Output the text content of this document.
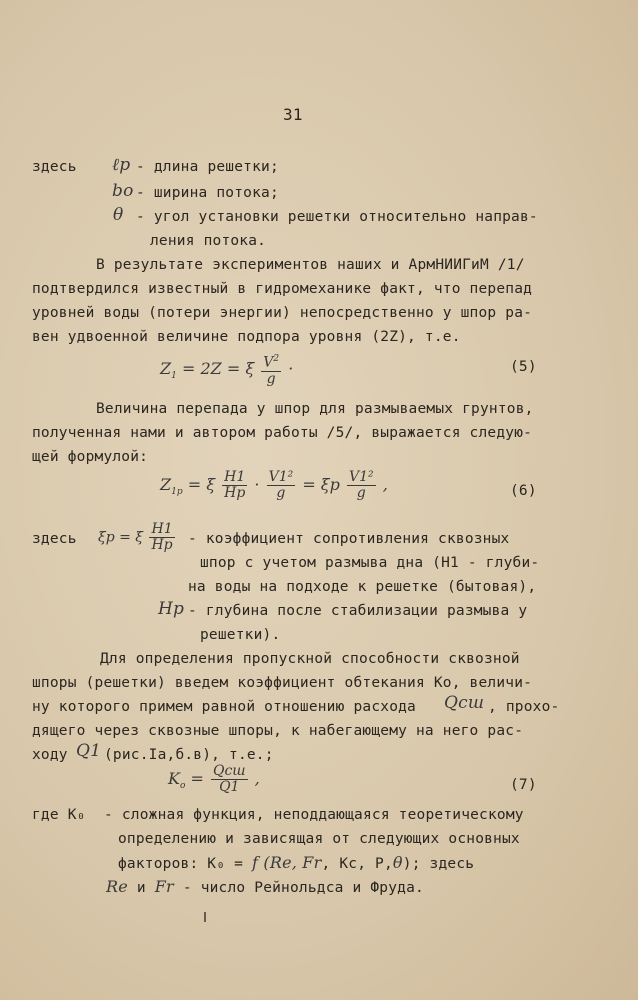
31
здесь ℓp - длина решетки;
bo - ширина потока;
θ - угол установки решетки относительно направ-
ления потока.
В результате экспериментов наших и АрмНИИГиМ /1/
подтвердился известный в гидромеханике факт, что перепад
уровней воды (потери энергии) непосредственно у шпор ра-
вен удвоенной величине подпора уровня (2Z), т.е.
$Z_1 = 2Z = \xi \frac{V^2}{g}$ ·	(5)
Величина перепада у шпор для размываемых грунтов,
полученная нами и автором работы /5/, выражается следую-
щей формулой:
$Z_{1p} = \xi \frac{H1}{Hp} \cdot \frac{\text{V1²}}{g} = \xi p \frac{\text{V1²}}{g}$ ,	(6)
здесь ξp = ξ $\frac{H1}{Hp}$ - коэффициент сопротивления сквозных
шпор с учетом размыва дна (H1 - глуби-
на воды на подходе к решетке (бытовая),
Hp - глубина после стабилизации размыва у
решетки).
Для определения пропускной способности сквозной
шпоры (решетки) введем коэффициент обтекания Ко, величи-
ну которого примем равной отношению расхода Qсш , прохо-
дящего через сквозные шпоры, к набегающему на него рас-
ходу Q1 (рис.Ia,б.в), т.е.;
$K_o = \frac{\text{Qсш}}{Q1}$ ,	(7)
где K₀ - сложная функция, неподдающаяся теоретическому
определению и зависящая от следующих основных
факторов: K₀ = f (Re, Fr, Kc, P,θ); здесь
Re и Fr - число Рейнольдса и Фруда.
